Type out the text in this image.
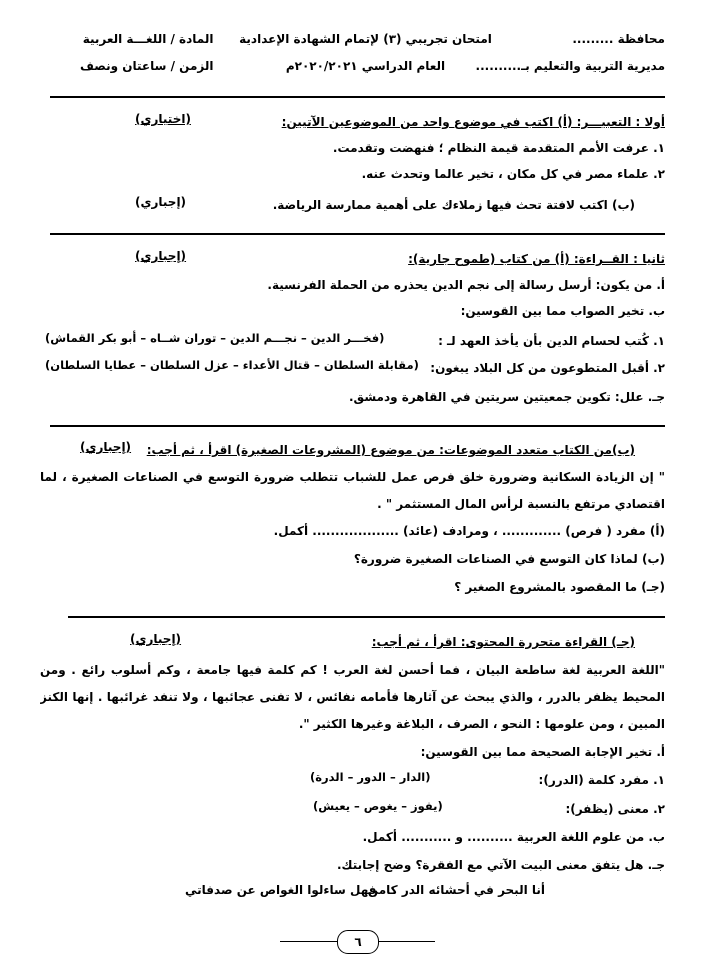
محافظة .........
مديرية التربية والتعليم بـ..........
امتحان تجريبي (٣) لإتمام الشهادة الإعدادية
العام الدراسي ٢٠٢٠/٢٠٢١م
المادة / اللغـــة العربية
الزمن / ساعتان ونصف
أولا : التعبيـــر: (أ) اكتب في موضوع واحد من الموضوعين الآتيين:
(اختياري)
١. عرفت الأمم المتقدمة قيمة النظام ؛ فنهضت وتقدمت.
٢. علماء مصر في كل مكان ، تخير عالما وتحدث عنه.
(ب) اكتب لافتة تحث فيها زملاءك على أهمية ممارسة الرياضة.
(إجباري)
ثانيا : القــراءة: (أ) من كتاب (طموح جارية):
(إجباري)
أ. من يكون: أرسل رسالة إلى نجم الدين يحذره من الحملة الفرنسية.
ب. تخير الصواب مما بين القوسين:
١. كُتب لحسام الدين بأن يأخذ العهد لـ :
(فخـــر الدين – نجـــم الدين – توران شــاه – أبو بكر القماش)
٢. أقبل المتطوعون من كل البلاد يبغون:
(مقابلة السلطان – قتال الأعداء – عزل السلطان – عطايا السلطان)
جـ. علل: تكوين جمعيتين سريتين في القاهرة ودمشق.
(ب)من الكتاب متعدد الموضوعات: من موضوع (المشروعات الصغيرة) اقرأ ، ثم أجب:
(إجباري)
" إن الزيادة السكانية وضرورة خلق فرص عمل للشباب تتطلب ضرورة التوسع في الصناعات الصغيرة ، لما
اقتصادي مرتفع بالنسبة لرأس المال المستثمر " .
(أ) مفرد ( فرص) ............. ، ومرادف (عائد) ................... أكمل.
(ب) لماذا كان التوسع في الصناعات الصغيرة ضرورة؟
(جـ) ما المقصود بالمشروع الصغير ؟
(جـ) القراءة متحررة المحتوى: اقرأ ، ثم أجب:
(إجباري)
"اللغة العربية لغة ساطعة البيان ، فما أحسن لغة العرب ! كم كلمة فيها جامعة ، وكم أسلوب رائع . ومن
المحيط يظفر بالدرر ، والذي يبحث عن آثارها فأمامه نفائس ، لا تفنى عجائبها ، ولا تنفد غرائبها . إنها الكنز
المبين ، ومن علومها : النحو ، الصرف ، البلاغة وغيرها الكثير ".
أ. تخير الإجابة الصحيحة مما بين القوسين:
١. مفرد كلمة (الدرر):
(الدار – الدور – الدرة)
٢. معنى (يظفر):
(يفوز – يغوص – يعيش)
ب. من علوم اللغة العربية .......... و ........... أكمل.
جـ. هل يتفق معنى البيت الآتي مع الفقرة؟ وضح إجابتك.
أنا البحر في أحشائه الدر كامن
فهل ساءلوا الغواص عن صدفاتي
٦
